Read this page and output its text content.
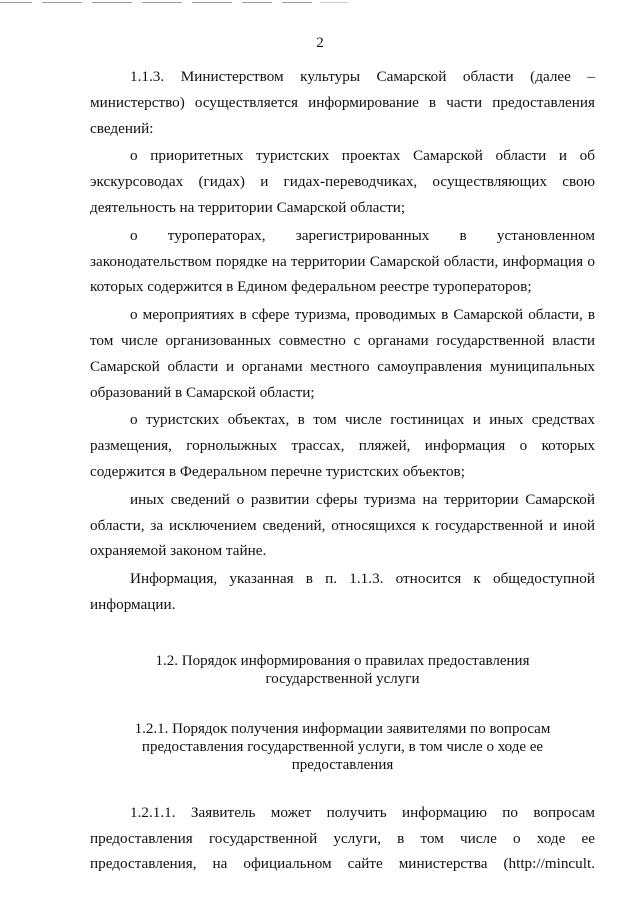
2

1.1.3. Министерством культуры Самарской области (далее – министерство) осуществляется информирование в части предоставления сведений:

о приоритетных туристских проектах Самарской области и об экскурсоводах (гидах) и гидах-переводчиках, осуществляющих свою деятельность на территории Самарской области;

о туроператорах, зарегистрированных в установленном законодательством порядке на территории Самарской области, информация о которых содержится в Едином федеральном реестре туроператоров;

о мероприятиях в сфере туризма, проводимых в Самарской области, в том числе организованных совместно с органами государственной власти Самарской области и органами местного самоуправления муниципальных образований в Самарской области;

о туристских объектах, в том числе гостиницах и иных средствах размещения, горнолыжных трассах, пляжей, информация о которых содержится в Федеральном перечне туристских объектов;

иных сведений о развитии сферы туризма на территории Самарской области, за исключением сведений, относящихся к государственной и иной охраняемой законом тайне.

Информация, указанная в п. 1.1.3. относится к общедоступной информации.

1.2. Порядок информирования о правилах предоставления

государственной услуги

1.2.1. Порядок получения информации заявителями по вопросам

предоставления государственной услуги, в том числе о ходе ее

предоставления

1.2.1.1. Заявитель может получить информацию по вопросам предоставления государственной услуги, в том числе о ходе ее предоставления, на официальном сайте министерства (http://mincult.
